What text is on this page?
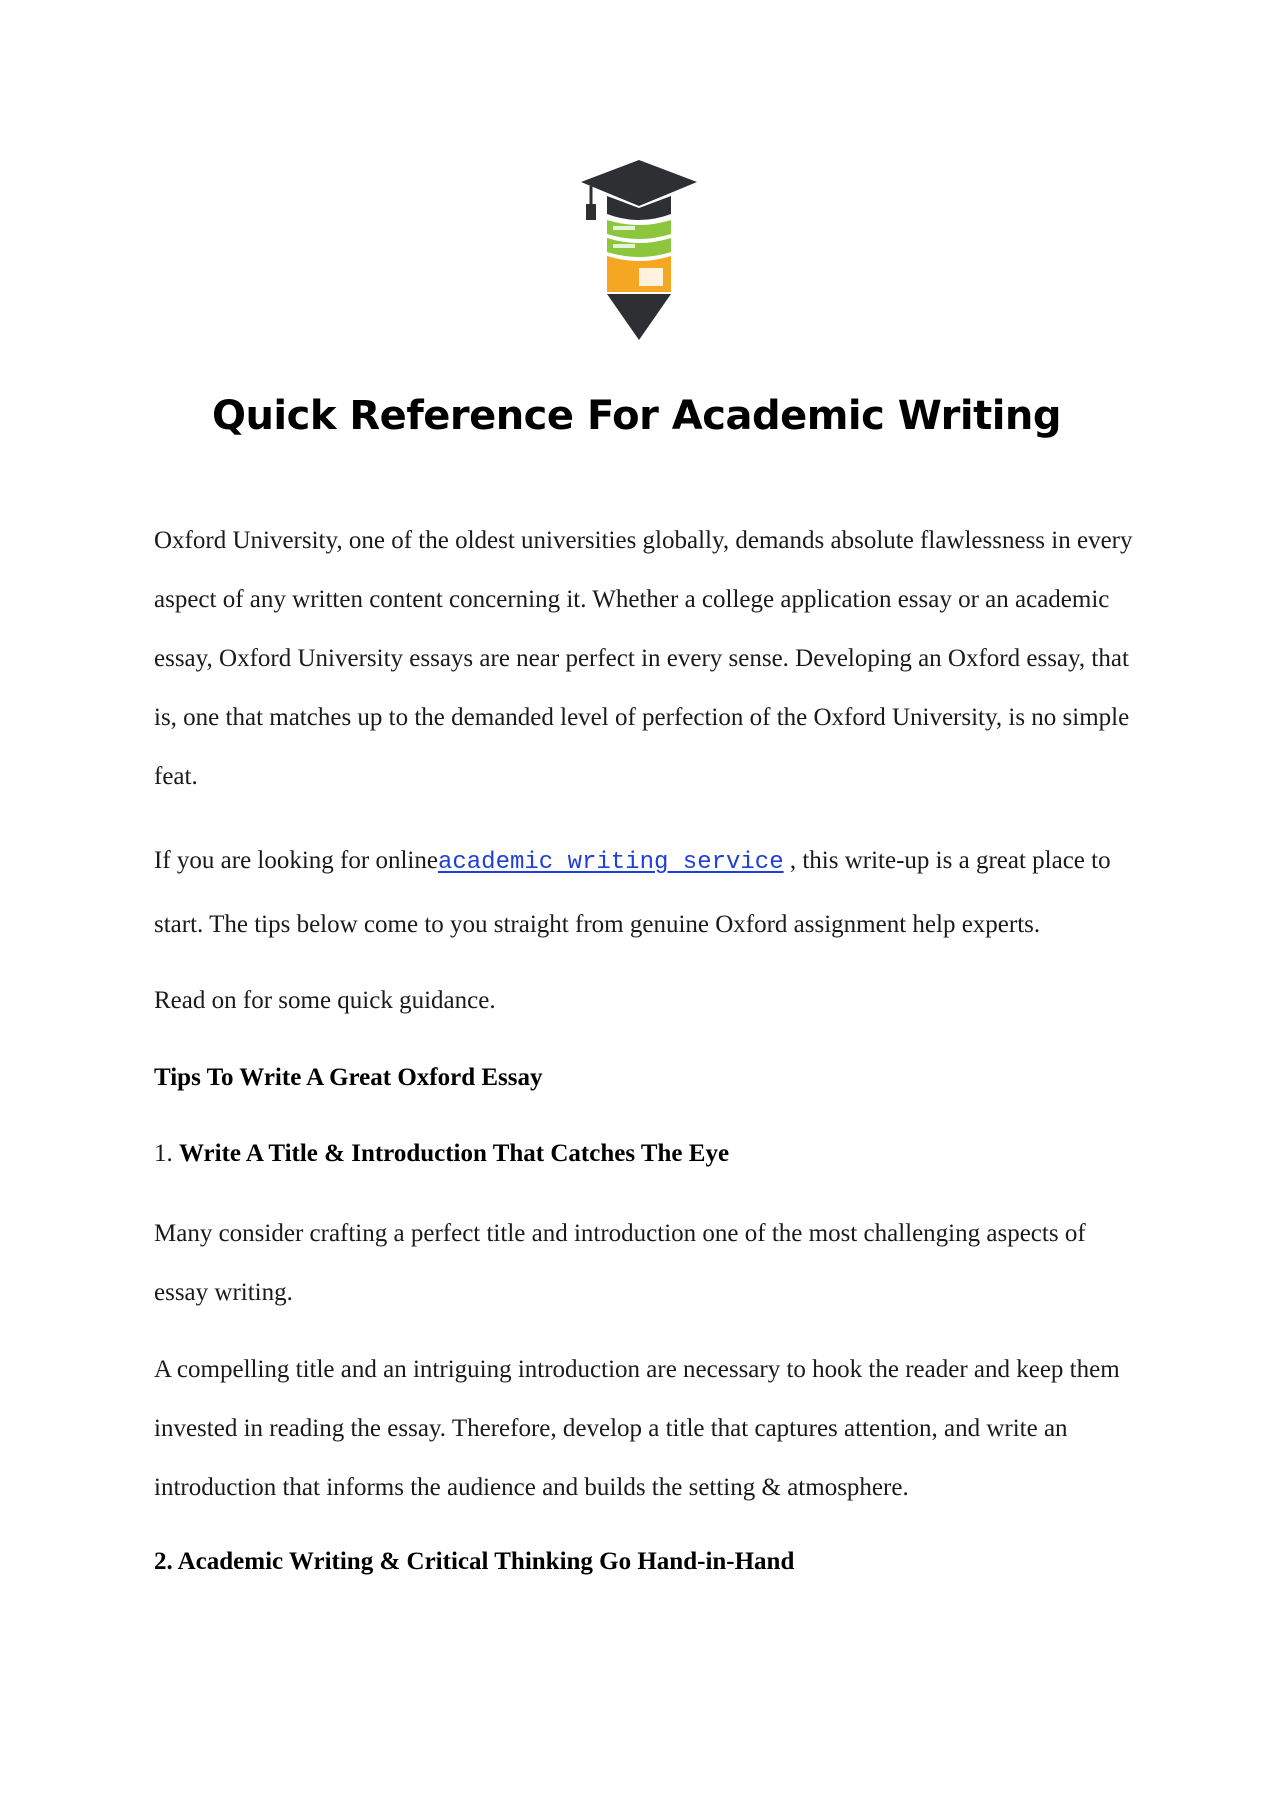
Quick Reference For Academic Writing

Oxford University, one of the oldest universities globally, demands absolute flawlessness in every aspect of any written content concerning it. Whether a college application essay or an academic essay, Oxford University essays are near perfect in every sense. Developing an Oxford essay, that is, one that matches up to the demanded level of perfection of the Oxford University, is no simple feat.

If you are looking for onlineacademic writing service , this write-up is a great place to

start. The tips below come to you straight from genuine Oxford assignment help experts.

Read on for some quick guidance.

Tips To Write A Great Oxford Essay

1. Write A Title & Introduction That Catches The Eye

Many consider crafting a perfect title and introduction one of the most challenging aspects of essay writing.

A compelling title and an intriguing introduction are necessary to hook the reader and keep them invested in reading the essay. Therefore, develop a title that captures attention, and write an introduction that informs the audience and builds the setting & atmosphere.

2. Academic Writing & Critical Thinking Go Hand-in-Hand
